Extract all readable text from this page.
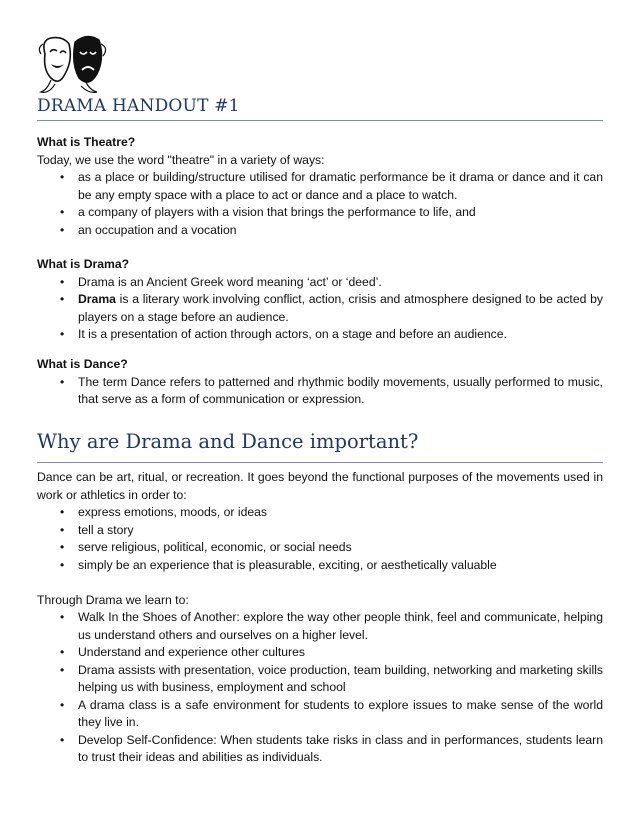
DRAMA HANDOUT #1
What is Theatre?
Today, we use the word "theatre" in a variety of ways:
• as a place or building/structure utilised for dramatic performance be it drama or dance and it can be any empty space with a place to act or dance and a place to watch.
• a company of players with a vision that brings the performance to life, and
• an occupation and a vocation
What is Drama?
• Drama is an Ancient Greek word meaning ‘act’ or ‘deed’.
• Drama is a literary work involving conflict, action, crisis and atmosphere designed to be acted by players on a stage before an audience.
• It is a presentation of action through actors, on a stage and before an audience.
What is Dance?
• The term Dance refers to patterned and rhythmic bodily movements, usually performed to music, that serve as a form of communication or expression.
Why are Drama and Dance important?
Dance can be art, ritual, or recreation. It goes beyond the functional purposes of the movements used in work or athletics in order to:
• express emotions, moods, or ideas
• tell a story
• serve religious, political, economic, or social needs
• simply be an experience that is pleasurable, exciting, or aesthetically valuable
Through Drama we learn to:
• Walk In the Shoes of Another: explore the way other people think, feel and communicate, helping us understand others and ourselves on a higher level.
• Understand and experience other cultures
• Drama assists with presentation, voice production, team building, networking and marketing skills helping us with business, employment and school
• A drama class is a safe environment for students to explore issues to make sense of the world they live in.
• Develop Self-Confidence: When students take risks in class and in performances, students learn to trust their ideas and abilities as individuals.
